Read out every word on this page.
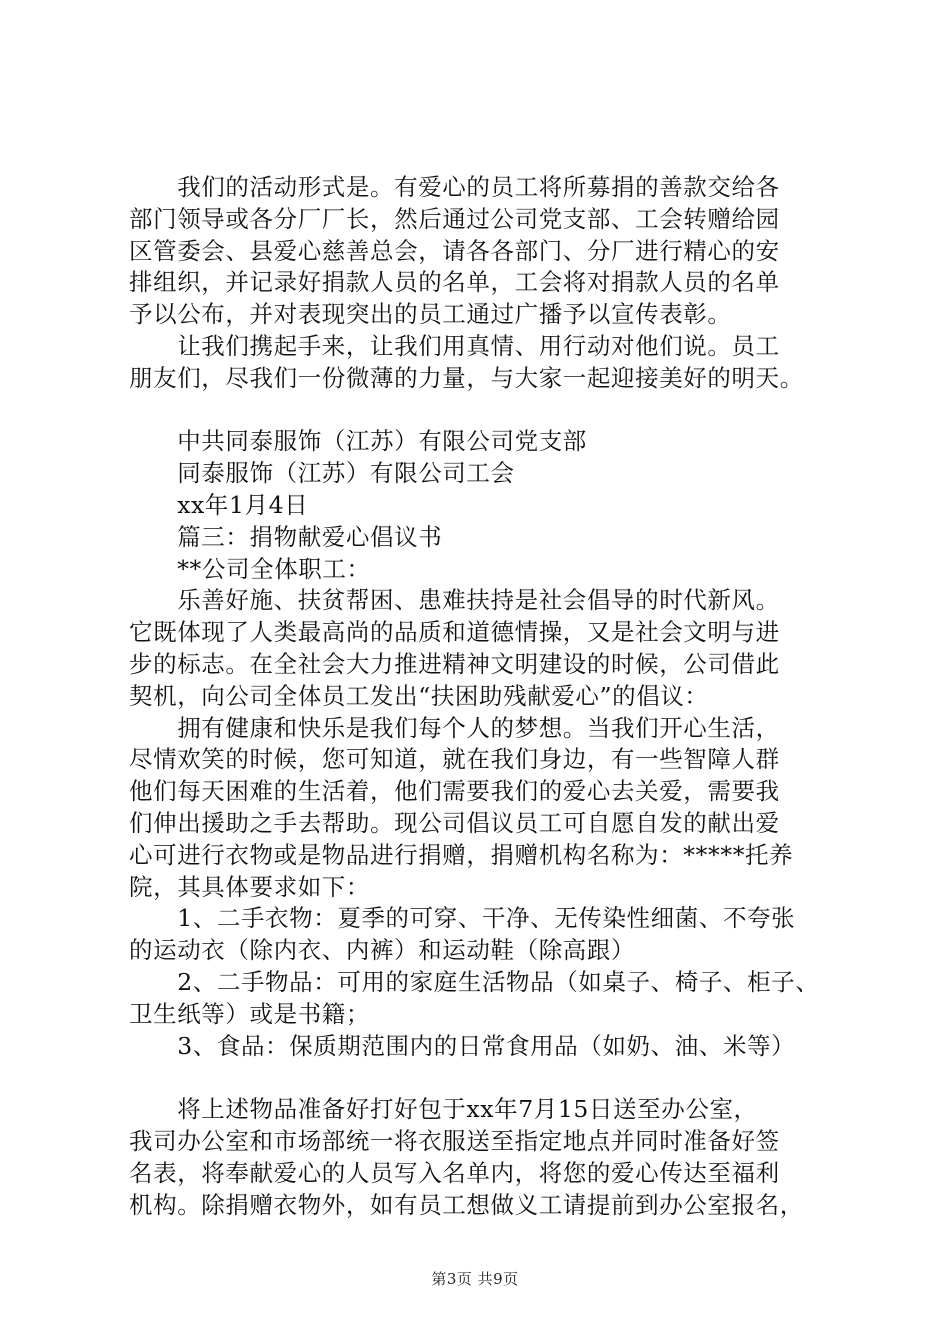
　　我们的活动形式是。有爱心的员工将所募捐的善款交给各
部门领导或各分厂厂长，然后通过公司党支部、工会转赠给园
区管委会、县爱心慈善总会，请各各部门、分厂进行精心的安
排组织，并记录好捐款人员的名单，工会将对捐款人员的名单
予以公布，并对表现突出的员工通过广播予以宣传表彰。
　　让我们携起手来，让我们用真情、用行动对他们说。员工
朋友们，尽我们一份微薄的力量，与大家一起迎接美好的明天。
　　中共同泰服饰（江苏）有限公司党支部
　　同泰服饰（江苏）有限公司工会
　　xx年1月4日
　　篇三：捐物献爱心倡议书
　　**公司全体职工：
　　乐善好施、扶贫帮困、患难扶持是社会倡导的时代新风。
它既体现了人类最高尚的品质和道德情操，又是社会文明与进
步的标志。在全社会大力推进精神文明建设的时候，公司借此
契机，向公司全体员工发出“扶困助残献爱心”的倡议：
　　拥有健康和快乐是我们每个人的梦想。当我们开心生活，
尽情欢笑的时候，您可知道，就在我们身边，有一些智障人群
他们每天困难的生活着，他们需要我们的爱心去关爱，需要我
们伸出援助之手去帮助。现公司倡议员工可自愿自发的献出爱
心可进行衣物或是物品进行捐赠，捐赠机构名称为：*****托养
院，其具体要求如下：
　　1、二手衣物：夏季的可穿、干净、无传染性细菌、不夸张
的运动衣（除内衣、内裤）和运动鞋（除高跟）
　　2、二手物品：可用的家庭生活物品（如桌子、椅子、柜子、
卫生纸等）或是书籍；
　　3、食品：保质期范围内的日常食用品（如奶、油、米等）
　　将上述物品准备好打好包于xx年7月15日送至办公室，
我司办公室和市场部统一将衣服送至指定地点并同时准备好签
名表，将奉献爱心的人员写入名单内，将您的爱心传达至福利
机构。除捐赠衣物外，如有员工想做义工请提前到办公室报名，
第3页 共9页
